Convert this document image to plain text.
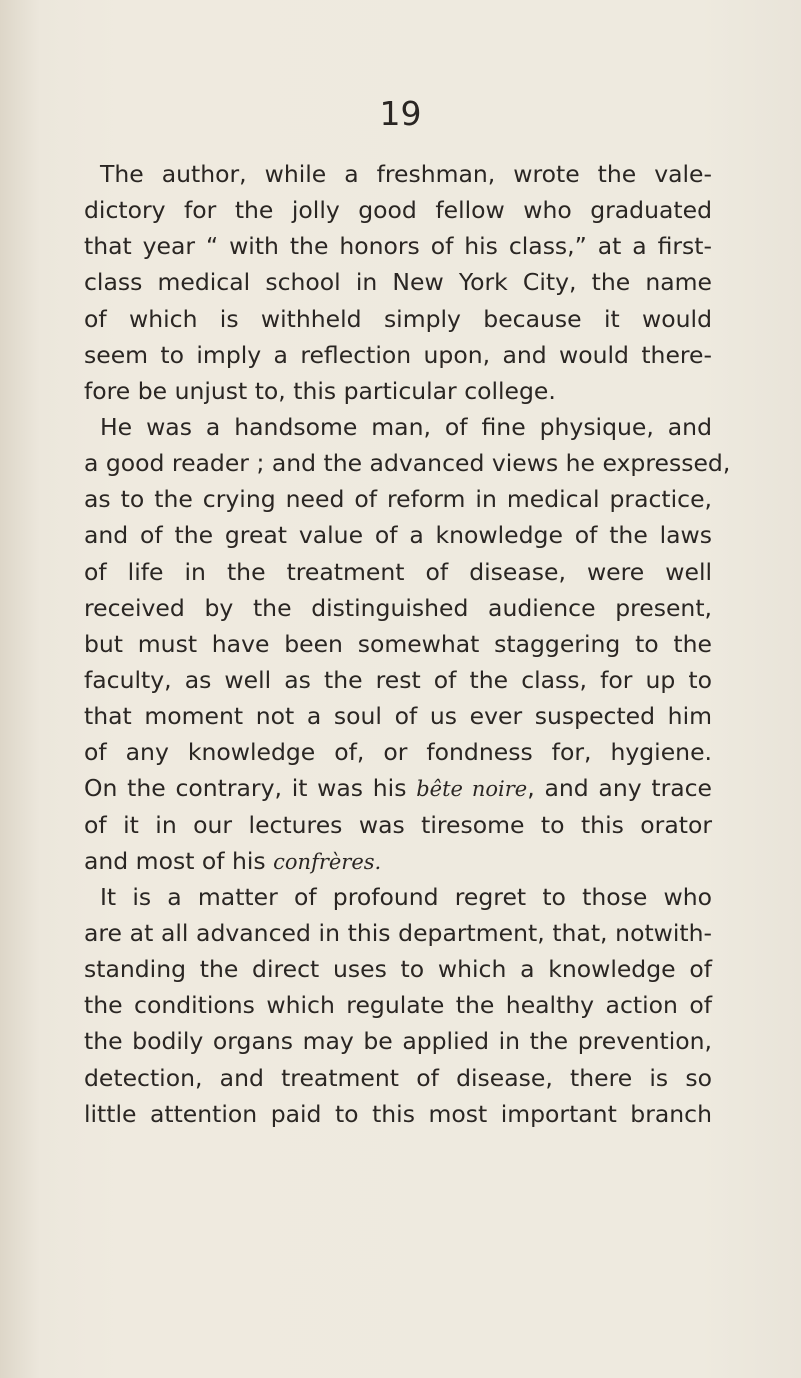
19
The author, while a freshman, wrote the vale-
dictory for the jolly good fellow who graduated
that year “ with the honors of his class,” at a first-
class medical school in New York City, the name
of which is withheld simply because it would
seem to imply a reflection upon, and would there-
fore be unjust to, this particular college.
He was a handsome man, of fine physique, and
a good reader ; and the advanced views he expressed,
as to the crying need of reform in medical practice,
and of the great value of a knowledge of the laws
of life in the treatment of disease, were well
received by the distinguished audience present,
but must have been somewhat staggering to the
faculty, as well as the rest of the class, for up to
that moment not a soul of us ever suspected him
of any knowledge of, or fondness for, hygiene.
On the contrary, it was his bête noire, and any trace
of it in our lectures was tiresome to this orator
and most of his confrères.
It is a matter of profound regret to those who
are at all advanced in this department, that, notwith-
standing the direct uses to which a knowledge of
the conditions which regulate the healthy action of
the bodily organs may be applied in the prevention,
detection, and treatment of disease, there is so
little attention paid to this most important branch
